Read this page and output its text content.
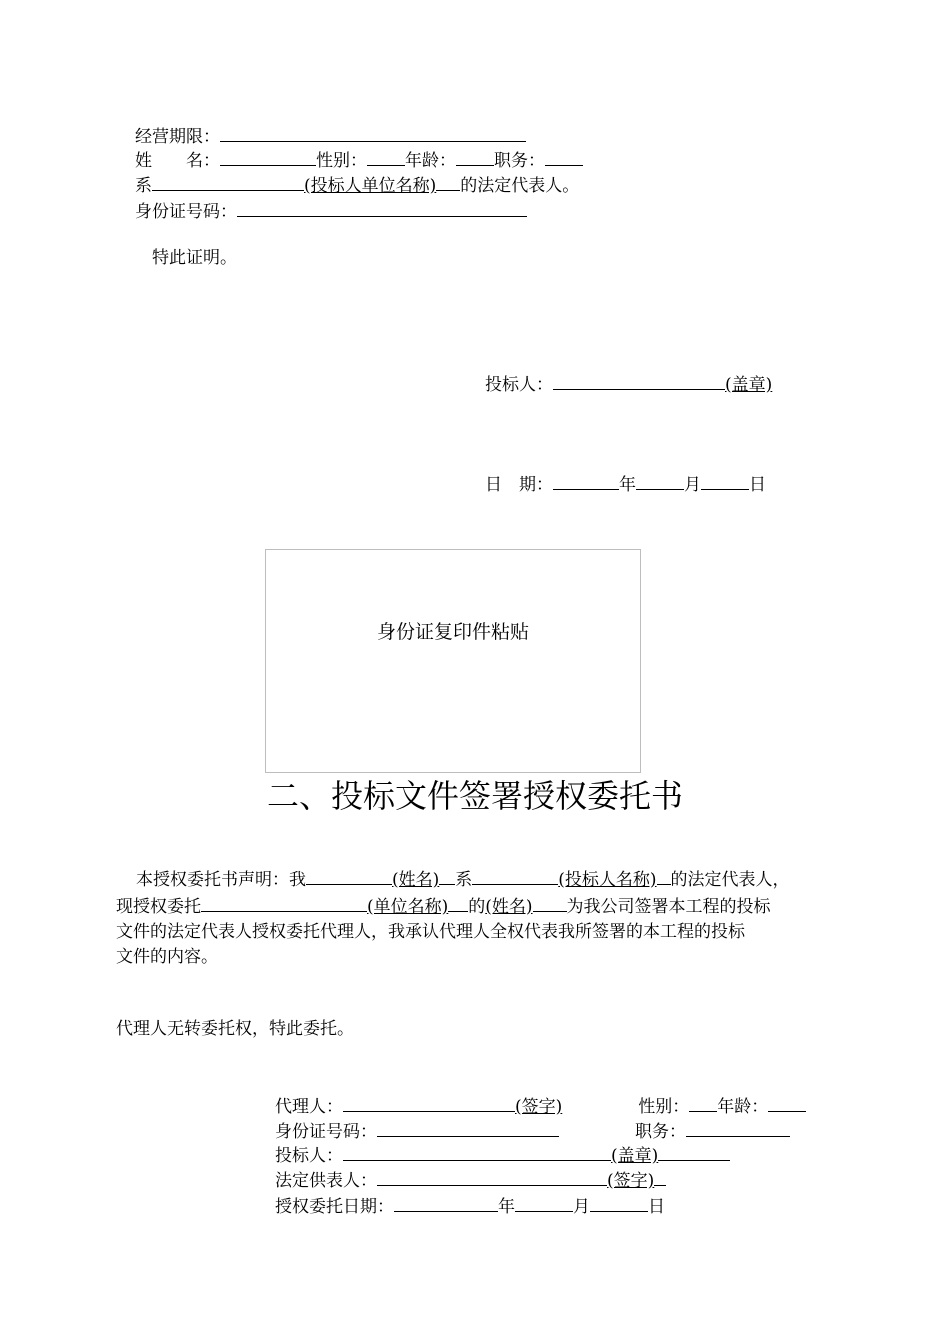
经营期限：
姓　　名：	性别： 年龄： 职务：
系	(投标人单位名称) 的法定代表人。
身份证号码：
特此证明。
投标人：	(盖章)
日　期：	年	月	日
身份证复印件粘贴
二、投标文件签署授权委托书
本授权委托书声明：我	(姓名) 系	(投标人名称) 的法定代表人，
现授权委托	(单位名称) 的(姓名) 为我公司签署本工程的投标
文件的法定代表人授权委托代理人，我承认代理人全权代表我所签署的本工程的投标
文件的内容。
代理人无转委托权，特此委托。
代理人：	(签字)	性别： 年龄：
身份证号码：	职务：
投标人：	(盖章)
法定供表人：	(签字)
授权委托日期：	年	月	日
